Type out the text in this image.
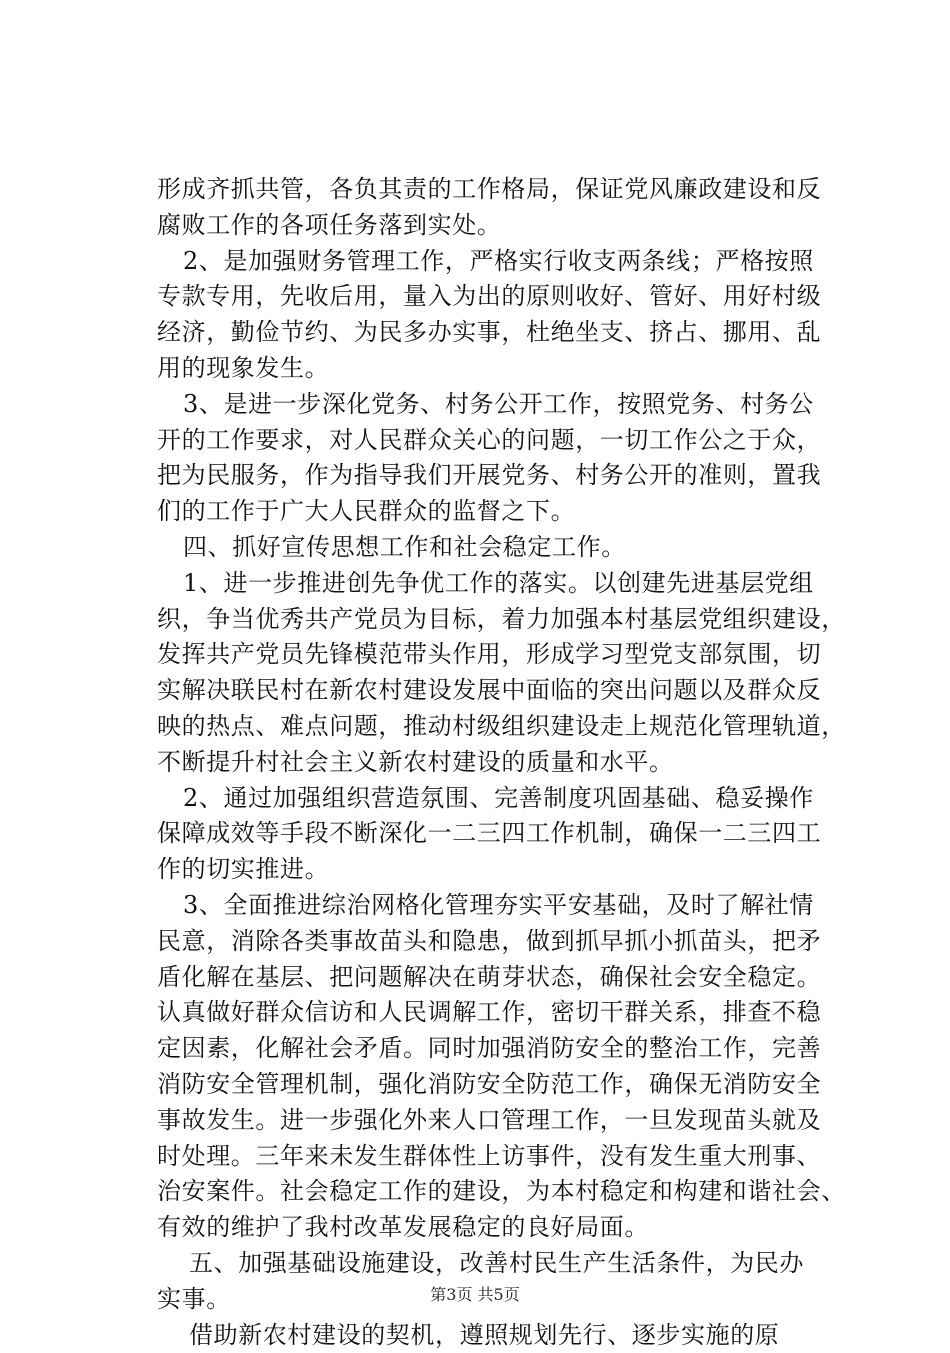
形成齐抓共管，各负其责的工作格局，保证党风廉政建设和反
腐败工作的各项任务落到实处。
2、是加强财务管理工作，严格实行收支两条线；严格按照
专款专用，先收后用，量入为出的原则收好、管好、用好村级
经济，勤俭节约、为民多办实事，杜绝坐支、挤占、挪用、乱
用的现象发生。
3、是进一步深化党务、村务公开工作，按照党务、村务公
开的工作要求，对人民群众关心的问题，一切工作公之于众，
把为民服务，作为指导我们开展党务、村务公开的准则，置我
们的工作于广大人民群众的监督之下。
四、抓好宣传思想工作和社会稳定工作。
1、进一步推进创先争优工作的落实。以创建先进基层党组
织，争当优秀共产党员为目标，着力加强本村基层党组织建设，
发挥共产党员先锋模范带头作用，形成学习型党支部氛围，切
实解决联民村在新农村建设发展中面临的突出问题以及群众反
映的热点、难点问题，推动村级组织建设走上规范化管理轨道，
不断提升村社会主义新农村建设的质量和水平。
2、通过加强组织营造氛围、完善制度巩固基础、稳妥操作
保障成效等手段不断深化一二三四工作机制，确保一二三四工
作的切实推进。
3、全面推进综治网格化管理夯实平安基础，及时了解社情
民意，消除各类事故苗头和隐患，做到抓早抓小抓苗头，把矛
盾化解在基层、把问题解决在萌芽状态，确保社会安全稳定。
认真做好群众信访和人民调解工作，密切干群关系，排查不稳
定因素，化解社会矛盾。同时加强消防安全的整治工作，完善
消防安全管理机制，强化消防安全防范工作，确保无消防安全
事故发生。进一步强化外来人口管理工作，一旦发现苗头就及
时处理。三年来未发生群体性上访事件，没有发生重大刑事、
治安案件。社会稳定工作的建设，为本村稳定和构建和谐社会、
有效的维护了我村改革发展稳定的良好局面。
五、加强基础设施建设，改善村民生产生活条件，为民办
实事。
借助新农村建设的契机，遵照规划先行、逐步实施的原
第3页 共5页
